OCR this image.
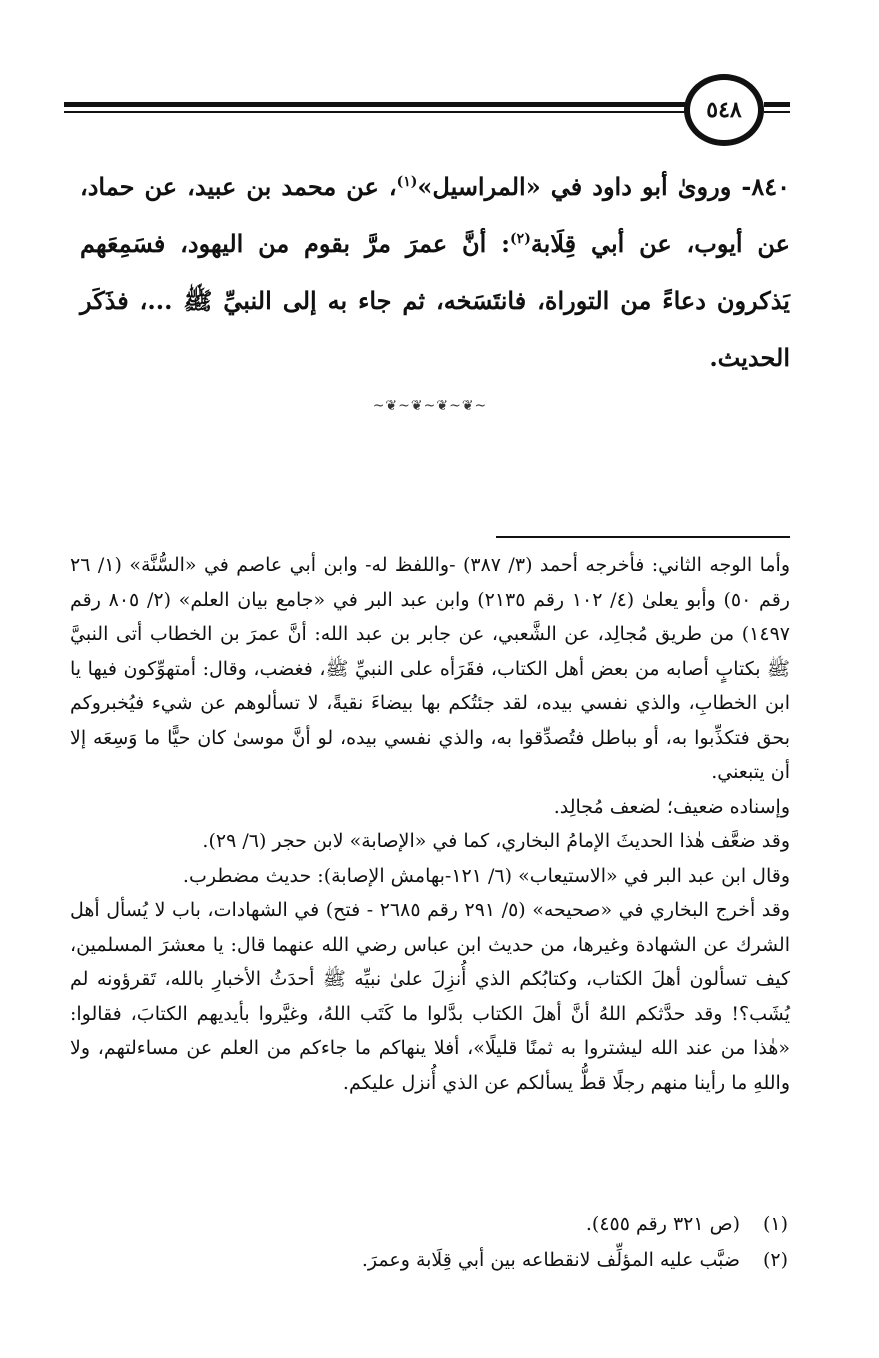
٥٤٨

٨٤٠- ورویٰ أبو داود في «المراسيل»$^{(١)}$، عن محمد بن عبيد، عن حماد، عن أيوب، عن أبي قِلَابة$^{(٢)}$: أنَّ عمرَ مرَّ بقوم من اليهود، فسَمِعَهم يَذكرون دعاءً من التوراة، فانتَسَخه، ثم جاء به إلى النبيِّ ﷺ ...، فذَكَر الحديث.

~❦~❦~❦~❦~

وأما الوجه الثاني: فأخرجه أحمد (٣/ ٣٨٧) -واللفظ له- وابن أبي عاصم في «السُّنَّة» (١/ ٢٦ رقم ٥٠) وأبو يعلىٰ (٤/ ١٠٢ رقم ٢١٣٥) وابن عبد البر في «جامع بيان العلم» (٢/ ٨٠٥ رقم ١٤٩٧) من طريق مُجالِد، عن الشَّعبي، عن جابر بن عبد الله: أنَّ عمرَ بن الخطاب أتى النبيَّ ﷺ بكتابٍ أصابه من بعض أهل الكتاب، فقَرَأه على النبيِّ ﷺ، فغضب، وقال: أمتهوِّكون فيها يا ابن الخطابِ، والذي نفسي بيده، لقد جئتُكم بها بيضاءَ نقيةً، لا تسألوهم عن شيء فيُخبروكم بحق فتكذِّبوا به، أو بباطل فتُصدِّقوا به، والذي نفسي بيده، لو أنَّ موسىٰ كان حيًّا ما وَسِعَه إلا أن يتبعني.

وإسناده ضعيف؛ لضعف مُجالِد.

وقد ضعَّف هٰذا الحديثَ الإمامُ البخاري، كما في «الإصابة» لابن حجر (٦/ ٢٩).

وقال ابن عبد البر في «الاستيعاب» (٦/ ١٢١-بهامش الإصابة): حديث مضطرب.

وقد أخرج البخاري في «صحيحه» (٥/ ٢٩١ رقم ٢٦٨٥ - فتح) في الشهادات، باب لا يُسأل أهل الشرك عن الشهادة وغيرها، من حديث ابن عباس رضي الله عنهما قال: يا معشرَ المسلمين، كيف تسألون أهلَ الكتاب، وكتابُكم الذي أُنزِلَ علىٰ نبيِّه ﷺ أحدَثُ الأخبارِ بالله، تَقرؤونه لم يُشَب؟! وقد حدَّثكم اللهُ أنَّ أهلَ الكتاب بدَّلوا ما كَتَب اللهُ، وغيَّروا بأيديهم الكتابَ، فقالوا: «هٰذا من عند الله ليشتروا به ثمنًا قليلًا»، أفلا ينهاكم ما جاءكم من العلم عن مساءلتهم، ولا واللهِ ما رأينا منهم رجلًا قطُّ يسألكم عن الذي أُنزل عليكم.

(١)
(ص ٣٢١ رقم ٤٥٥).
(٢)
ضبَّب عليه المؤلِّف لانقطاعه بين أبي قِلَابة وعمرَ.
